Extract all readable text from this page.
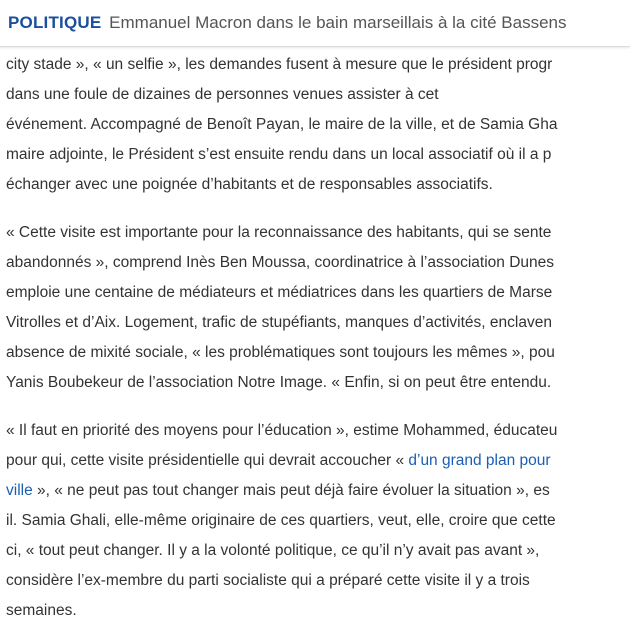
POLITIQUE Emmanuel Macron dans le bain marseillais à la cité Bassens

city stade », « un selfie », les demandes fusent à mesure que le président progr
dans une foule de dizaines de personnes venues assister à cet
événement. Accompagné de Benoît Payan, le maire de la ville, et de Samia Gha
maire adjointe, le Président s’est ensuite rendu dans un local associatif où il a p
échanger avec une poignée d’habitants et de responsables associatifs.

« Cette visite est importante pour la reconnaissance des habitants, qui se sente
abandonnés », comprend Inès Ben Moussa, coordinatrice à l’association Dunes
emploie une centaine de médiateurs et médiatrices dans les quartiers de Marse
Vitrolles et d’Aix. Logement, trafic de stupéfiants, manques d’activités, enclaven
absence de mixité sociale, « les problématiques sont toujours les mêmes », pou
Yanis Boubekeur de l’association Notre Image. « Enfin, si on peut être entendu.

« Il faut en priorité des moyens pour l’éducation », estime Mohammed, éducateu
pour qui, cette visite présidentielle qui devrait accoucher « d’un grand plan pour
ville », « ne peut pas tout changer mais peut déjà faire évoluer la situation », es
il. Samia Ghali, elle-même originaire de ces quartiers, veut, elle, croire que cette
ci, « tout peut changer. Il y a la volonté politique, ce qu’il n’y avait pas avant »,
considère l’ex-membre du parti socialiste qui a préparé cette visite il y a trois
semaines.
